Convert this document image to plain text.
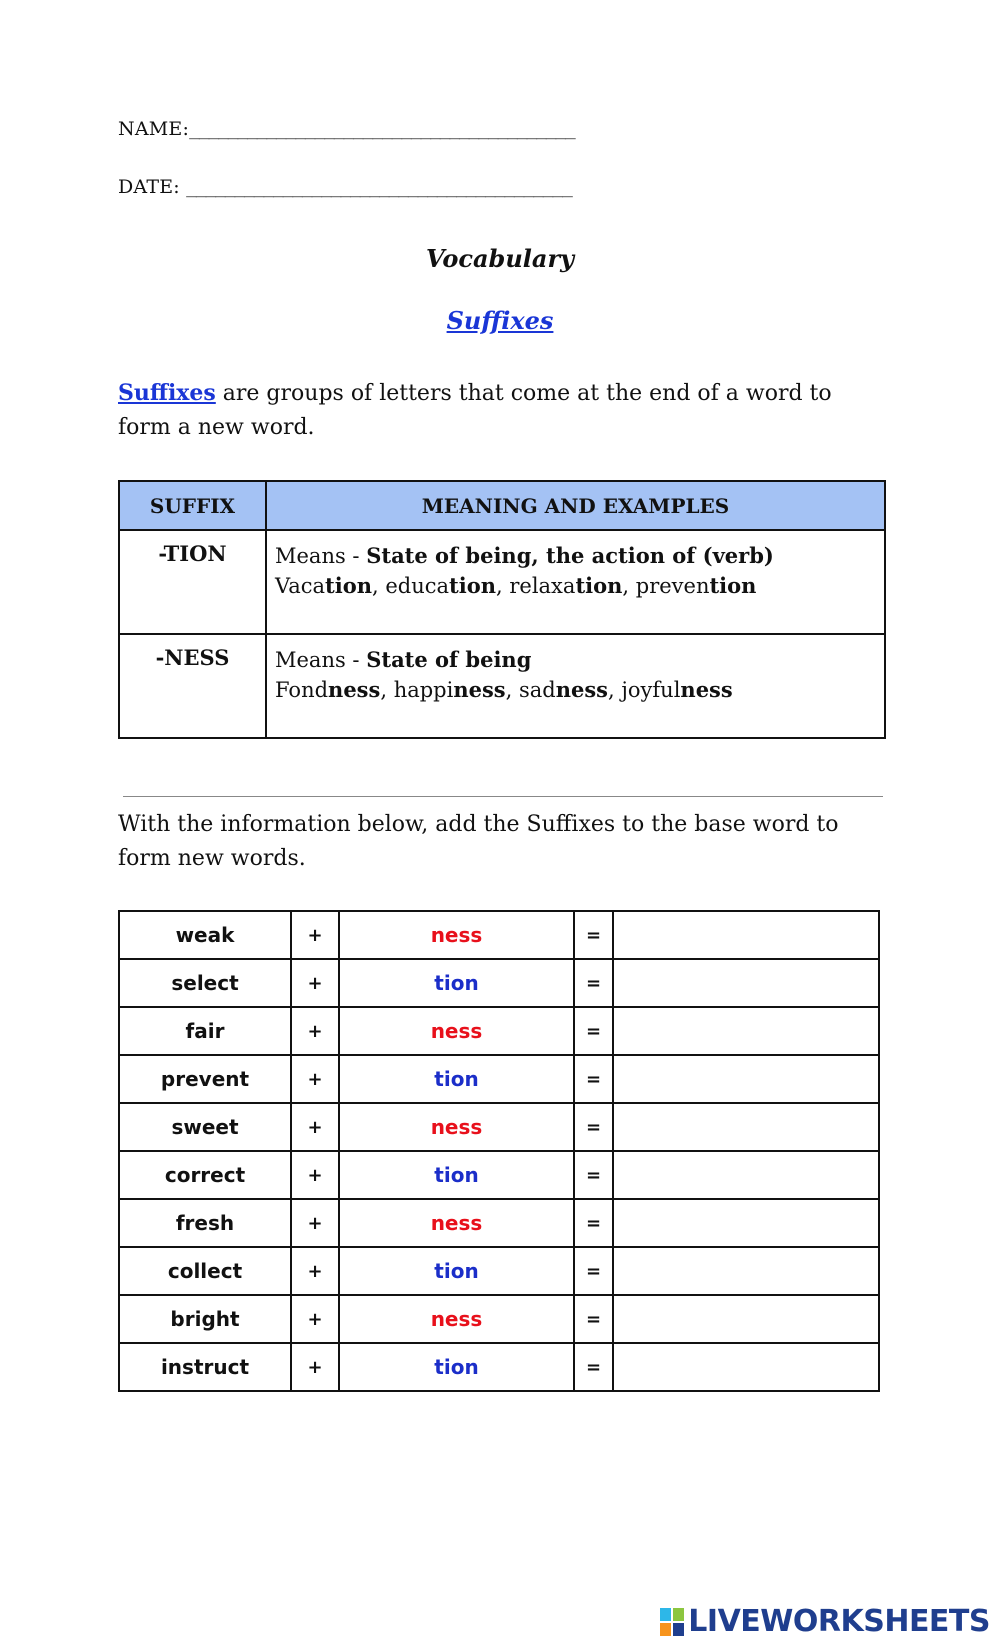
NAME:________________________________________
DATE: ________________________________________
Vocabulary
Suffixes
Suffixes are groups of letters that come at the end of a word to form a new word.
SUFFIX	MEANING AND EXAMPLES
-TION	Means - State of being, the action of (verb)
Vacation, education, relaxation, prevention

-NESS	Means - State of being
Fondness, happiness, sadness, joyfulness
With the information below, add the Suffixes to the base word to form new words.
weak	+	ness	=	
select	+	tion	=	
fair	+	ness	=	
prevent	+	tion	=	
sweet	+	ness	=	
correct	+	tion	=	
fresh	+	ness	=	
collect	+	tion	=	
bright	+	ness	=	
instruct	+	tion	=	
LIVEWORKSHEETS
